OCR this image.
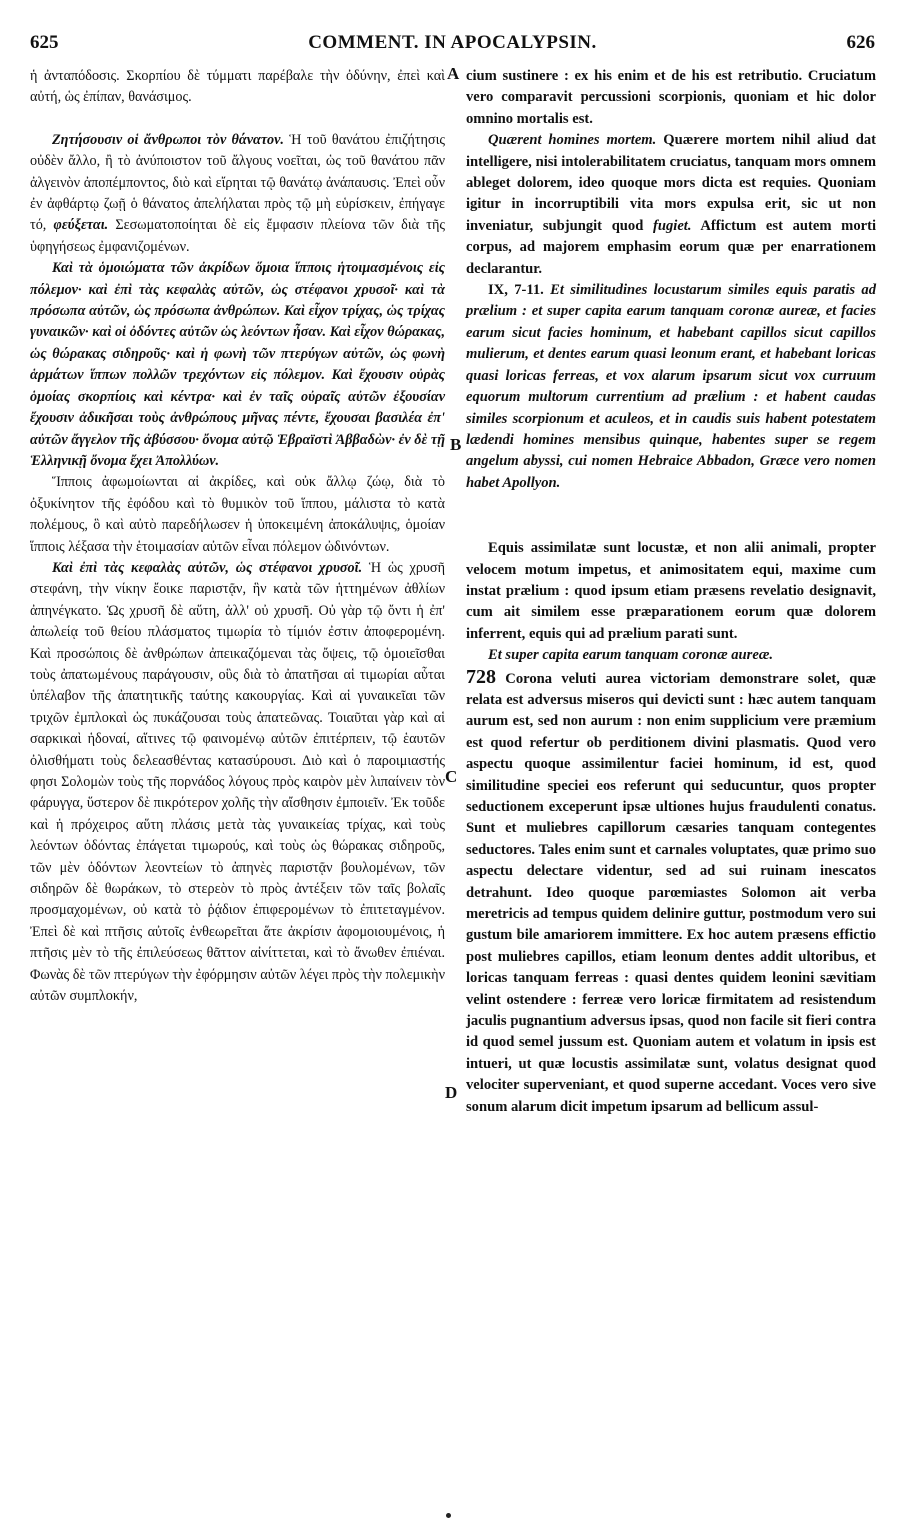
625	COMMENT. IN APOCALYPSIN.	626

ἡ ἀνταπόδοσις. Σκορπίου δὲ τύμματι παρέβαλε τὴν ὀδύνην, ἐπεὶ καὶ αὐτή, ὡς ἐπίπαν, θανάσιμος.

Ζητήσουσιν οἱ ἄνθρωποι τὸν θάνατον. Ἡ τοῦ θανάτου ἐπιζήτησις οὐδὲν ἄλλο, ἢ τὸ ἀνύποιστον τοῦ ἄλγους νοεῖται, ὡς τοῦ θανάτου πᾶν ἀλγεινὸν ἀποπέμποντος, διὸ καὶ εἴρηται τῷ θανάτῳ ἀνάπαυσις. Ἐπεὶ οὖν ἐν ἀφθάρτῳ ζωῇ ὁ θάνατος ἀπελήλαται πρὸς τῷ μὴ εὑρίσκειν, ἐπήγαγε τό, φεύξεται. Σεσωματοποίηται δὲ εἰς ἔμφασιν πλείονα τῶν διὰ τῆς ὑφηγήσεως ἐμφανιζομένων.

Καὶ τὰ ὁμοιώματα τῶν ἀκρίδων ὅμοια ἵπποις ἡτοιμασμένοις εἰς πόλεμον· καὶ ἐπὶ τὰς κεφαλὰς αὐτῶν, ὡς στέφανοι χρυσοῖ· καὶ τὰ πρόσωπα αὐτῶν, ὡς πρόσωπα ἀνθρώπων. Καὶ εἶχον τρίχας, ὡς τρίχας γυναικῶν· καὶ οἱ ὀδόντες αὐτῶν ὡς λεόντων ἦσαν. Καὶ εἶχον θώρακας, ὡς θώρακας σιδηροῦς· καὶ ἡ φωνὴ τῶν πτερύγων αὐτῶν, ὡς φωνὴ ἁρμάτων ἵππων πολλῶν τρεχόντων εἰς πόλεμον. Καὶ ἔχουσιν οὐρὰς ὁμοίας σκορπίοις καὶ κέντρα· καὶ ἐν ταῖς οὐραῖς αὐτῶν ἐξουσίαν ἔχουσιν ἀδικῆσαι τοὺς ἀνθρώπους μῆνας πέντε, ἔχουσαι βασιλέα ἐπ' αὐτῶν ἄγγελον τῆς ἀβύσσου· ὄνομα αὐτῷ Ἑβραϊστὶ Ἀββαδὼν· ἐν δὲ τῇ Ἑλληνικῇ ὄνομα ἔχει Ἀπολλύων.

Ἵπποις ἀφωμοίωνται αἱ ἀκρίδες, καὶ οὐκ ἄλλῳ ζώῳ, διὰ τὸ ὀξυκίνητον τῆς ἐφόδου καὶ τὸ θυμικὸν τοῦ ἵππου, μάλιστα τὸ κατὰ πολέμους, ὃ καὶ αὐτὸ παρεδήλωσεν ἡ ὑποκειμένη ἀποκάλυψις, ὁμοίαν ἵπποις λέξασα τὴν ἑτοιμασίαν αὐτῶν εἶναι πόλεμον ὠδινόντων.

Καὶ ἐπὶ τὰς κεφαλὰς αὐτῶν, ὡς στέφανοι χρυσοῖ. Ἡ ὡς χρυσῆ στεφάνη, τὴν νίκην ἔοικε παριστᾷν, ἣν κατὰ τῶν ἡττημένων ἀθλίων ἀπηνέγκατο. Ὡς χρυσῆ δὲ αὕτη, ἀλλ' οὐ χρυσῆ. Οὐ γὰρ τῷ ὄντι ἡ ἐπ' ἀπωλείᾳ τοῦ θείου πλάσματος τιμωρία τὸ τίμιόν ἐστιν ἀποφερομένη. Καὶ προσώποις δὲ ἀνθρώπων ἀπεικαζόμεναι τὰς ὄψεις, τῷ ὁμοιεῖσθαι τοὺς ἀπατωμένους παράγουσιν, οὓς διὰ τὸ ἀπατῆσαι αἱ τιμωρίαι αὗται ὑπέλαβον τῆς ἀπατητικῆς ταύτης κακουργίας. Καὶ αἱ γυναικεῖαι τῶν τριχῶν ἐμπλοκαὶ ὡς πυκάζουσαι τοὺς ἀπατεῶνας. Τοιαῦται γὰρ καὶ αἱ σαρκικαὶ ἡδοναί, αἵτινες τῷ φαινομένῳ αὐτῶν ἐπιτέρπειν, τῷ ἑαυτῶν ὀλισθήματι τοὺς δελεασθέντας κατασύρουσι. Διὸ καὶ ὁ παροιμιαστής φησι Σολομὼν τοὺς τῆς πορνάδος λόγους πρὸς καιρὸν μὲν λιπαίνειν τὸν φάρυγγα, ὕστερον δὲ πικρότερον χολῆς τὴν αἴσθησιν ἐμποιεῖν. Ἐκ τοῦδε καὶ ἡ πρόχειρος αὕτη πλάσις μετὰ τὰς γυναικείας τρίχας, καὶ τοὺς λεόντων ὀδόντας ἐπάγεται τιμωρούς, καὶ τοὺς ὡς θώρακας σιδηροῦς, τῶν μὲν ὀδόντων λεοντείων τὸ ἀπηνὲς παριστᾷν βουλομένων, τῶν σιδηρῶν δὲ θωράκων, τὸ στερεὸν τὸ πρὸς ἀντέξειν τῶν ταῖς βολαῖς προσμαχομένων, οὐ κατὰ τὸ ῥᾴδιον ἐπιφερομένων τὸ ἐπιτεταγμένον. Ἐπεὶ δὲ καὶ πτῆσις αὐτοῖς ἐνθεωρεῖται ἅτε ἀκρίσιν ἀφομοιουμένοις, ἡ πτῆσις μὲν τὸ τῆς ἐπιλεύσεως θᾶττον αἰνίττεται, καὶ τὸ ἄνωθεν ἐπιέναι. Φωνὰς δὲ τῶν πτερύγων τὴν ἐφόρμησιν αὐτῶν λέγει πρὸς τὴν πολεμικὴν αὐτῶν συμπλοκήν,

A
B
C
D

cium sustinere : ex his enim et de his est retributio. Cruciatum vero comparavit percussioni scorpionis, quoniam et hic dolor omnino mortalis est.

Quærent homines mortem. Quærere mortem nihil aliud dat intelligere, nisi intolerabilitatem cruciatus, tanquam mors omnem ableget dolorem, ideo quoque mors dicta est requies. Quoniam igitur in incorruptibili vita mors expulsa erit, sic ut non inveniatur, subjungit quod fugiet. Affictum est autem morti corpus, ad majorem emphasim eorum quæ per enarrationem declarantur.

IX, 7-11. Et similitudines locustarum similes equis paratis ad prælium : et super capita earum tanquam coronæ aureæ, et facies earum sicut facies hominum, et habebant capillos sicut capillos mulierum, et dentes earum quasi leonum erant, et habebant loricas quasi loricas ferreas, et vox alarum ipsarum sicut vox curruum equorum multorum currentium ad prælium : et habent caudas similes scorpionum et aculeos, et in caudis suis habent potestatem lædendi homines mensibus quinque, habentes super se regem angelum abyssi, cui nomen Hebraice Abbadon, Græce vero nomen habet Apollyon.

Equis assimilatæ sunt locustæ, et non alii animali, propter velocem motum impetus, et animositatem equi, maxime cum instat prælium : quod ipsum etiam præsens revelatio designavit, cum ait similem esse præparationem eorum quæ dolorem inferrent, equis qui ad prælium parati sunt.

Et super capita earum tanquam coronæ aureæ.
728 Corona veluti aurea victoriam demonstrare solet, quæ relata est adversus miseros qui devicti sunt : hæc autem tanquam aurum est, sed non aurum : non enim supplicium vere præmium est quod refertur ob perditionem divini plasmatis. Quod vero aspectu quoque assimilentur faciei hominum, id est, quod similitudine speciei eos referunt qui seducuntur, quos propter seductionem exceperunt ipsæ ultiones hujus fraudulenti conatus. Sunt et muliebres capillorum cæsaries tanquam contegentes seductores. Tales enim sunt et carnales voluptates, quæ primo suo aspectu delectare videntur, sed ad sui ruinam inescatos detrahunt. Ideo quoque parœmiastes Solomon ait verba meretricis ad tempus quidem delinire guttur, postmodum vero sui gustum bile amariorem immittere. Ex hoc autem præsens effictio post muliebres capillos, etiam leonum dentes addit ultoribus, et loricas tanquam ferreas : quasi dentes quidem leonini sævitiam velint ostendere : ferreæ vero loricæ firmitatem ad resistendum jaculis pugnantium adversus ipsas, quod non facile sit fieri contra id quod semel jussum est. Quoniam autem et volatum in ipsis est intueri, ut quæ locustis assimilatæ sunt, volatus designat quod velociter superveniant, et quod superne accedant. Voces vero sive sonum alarum dicit impetum ipsarum ad bellicum assul-
